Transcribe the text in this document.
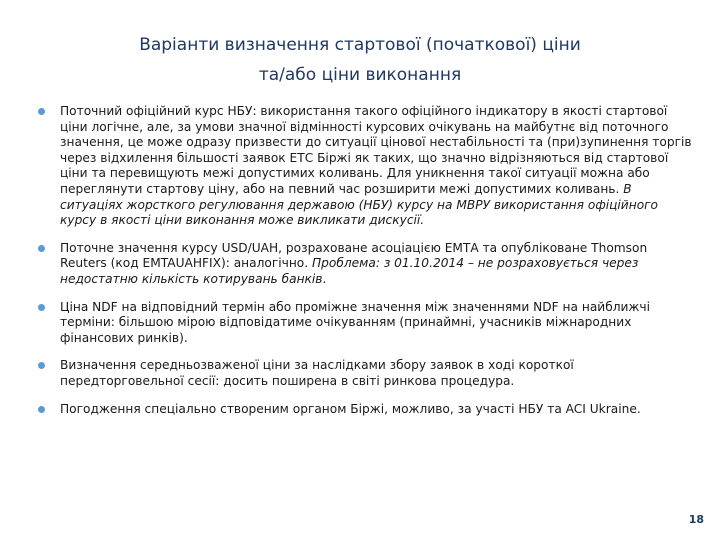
Варіанти визначення стартової (початкової) ціни
та/або ціни виконання
Поточний офіційний курс НБУ: використання такого офіційного індикатору в якості стартової ціни логічне, але, за умови значної відмінності курсових очікувань на майбутнє від поточного значення, це може одразу призвести до ситуації цінової нестабільності та (при)зупинення торгів через відхилення більшості заявок ЕТС Біржі як таких, що значно відрізняються від стартової ціни та перевищують межі допустимих коливань. Для уникнення такої ситуації можна або переглянути стартову ціну, або на певний час розширити межі допустимих коливань. В ситуаціях жорсткого регулювання державою (НБУ) курсу на МВРУ використання офіційного курсу в якості ціни виконання може викликати дискусії.
Поточне значення курсу USD/UAH, розраховане асоціацією ЕМТА та опубліковане Thomson Reuters (код EMTAUAHFIX): аналогічно. Проблема: з 01.10.2014 – не розраховується через недостатню кількість котирувань банків.
Ціна NDF на відповідний термін або проміжне значення між значеннями NDF на найближчі терміни: більшою мірою відповідатиме очікуванням (принаймні, учасників міжнародних фінансових ринків).
Визначення середньозваженої ціни за наслідками збору заявок в ході короткої передторговельної сесії: досить поширена в світі ринкова процедура.
Погодження спеціально створеним органом Біржі, можливо, за участі НБУ та ACI Ukraine.
18
